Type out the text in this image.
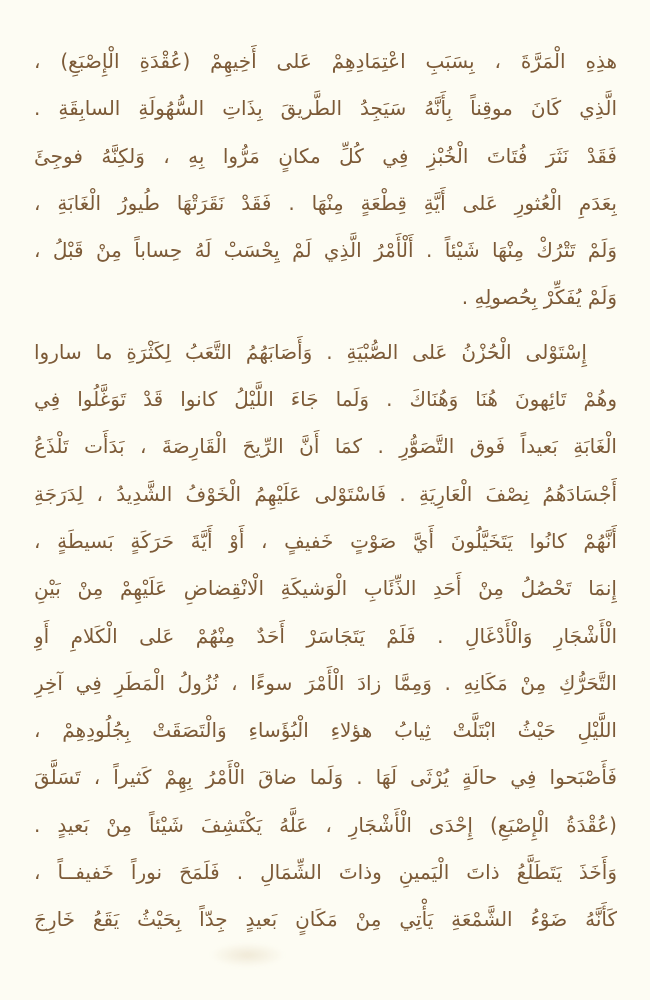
هذِهِ الْمَرَّةَ ، بِسَبَبِ اعْتِمَادِهِمْ عَلى أَخِيهِمْ (عُقْدَةِ الْإِصْبَعِ) ،
الَّذِي كَانَ موقِناً بِأَنَّهُ سَيَجِدُ الطَّريقَ بِذَاتِ السُّهُولَةِ السابِقَةِ .
فَقَدْ نَثَرَ فُتَاتَ الْخُبْزِ فِي كُلِّ مكانٍ مَرُّوا بِهِ ، وَلكِنَّهُ فوجِئَ
بِعَدَمِ الْعُثورِ عَلى أَيَّةِ قِطْعَةٍ مِنْهَا . فَقَدْ نَقَرَتْهَا طُيورُ الْغَابَةِ ،
وَلَمْ تَتْرُكْ مِنْهَا شَيْئاً . أَلْأَمْرُ الَّذِي لَمْ يِحْسَبْ لَهُ حِساباً مِنْ قَبْلُ ،
وَلَمْ يُفَكِّرْ بِحُصولِهِ .
إِسْتَوْلى الْحُزْنُ عَلى الصُّبْيَةِ . وَأَصَابَهُمُ التَّعَبُ لِكَثْرَةِ ما ساروا
وهُمْ تَائِهونَ هُنَا وَهُنَاكَ . وَلَما جَاءَ اللَّيْلُ كانوا قَدْ تَوَغَّلُوا فِي
الْغَابَةِ بَعيداً فَوق التَّصَوُّرِ . كمَا أَنَّ الرِّيحَ الْقَارِصَةَ ، بَدَأَت تَلْذَعُ
أَجْسَادَهُمُ نِصْفَ الْعَارِيَةِ . فَاسْتَوْلى عَلَيْهِمُ الْخَوْفُ الشَّدِيدُ ، لِدَرَجَةِ
أَنَّهُمْ كانُوا يَتَخَيَّلُونَ أَيَّ صَوْتٍ خَفيفٍ ، أَوْ أَيَّةَ حَرَكَةٍ بَسيطَةٍ ،
إِنمَا تَحْصُلُ مِنْ أَحَدِ الذِّئَابِ الْوَشيكَةِ الْانْقِضاضِ عَلَيْهِمْ مِنْ بَيْنِ
الْأَشْجَارِ وَالْأَدْغَالِ . فَلَمْ يَتَجَاسَرْ أَحَدٌ مِنْهُمْ عَلى الْكَلامِ أَوِ
التَّحَرُّكِ مِنْ مَكَانِهِ . وَمِمَّا زادَ الْأَمْرَ سوءًا ، نُزُولُ الْمَطَرِ فِي آخِرِ
اللَّيْلِ حَيْثُ ابْتَلَّتْ ثِيابُ هؤلاءِ الْبُؤَساءِ وَالْتَصَقَتْ بِجُلُودِهِمْ ،
فَأَصْبَحوا فِي حالَةٍ يُرْثَى لَهَا . وَلَما ضاقَ الْأَمْرُ بِهِمْ كَثيراً ، تَسَلَّقَ
(عُقْدَةُ الْإِصْبَعِ) إِحْدَى الْأَشْجَارِ ، عَلَّهُ يَكْتَشِفَ شَيْئاً مِنْ بَعيدٍ .
وَأَخَذَ يَتَطَلَّعُ ذاتَ الْيَمينِ وذاتَ الشِّمَالِ . فَلَمَحَ نوراً خَفيفــاً ،
كَأَنَّهُ ضَوْءُ الشَّمْعَةِ يَأْتِي مِنْ مَكَانٍ بَعيدٍ جِدّاً بِحَيْثُ يَقَعُ خَارِجَ
